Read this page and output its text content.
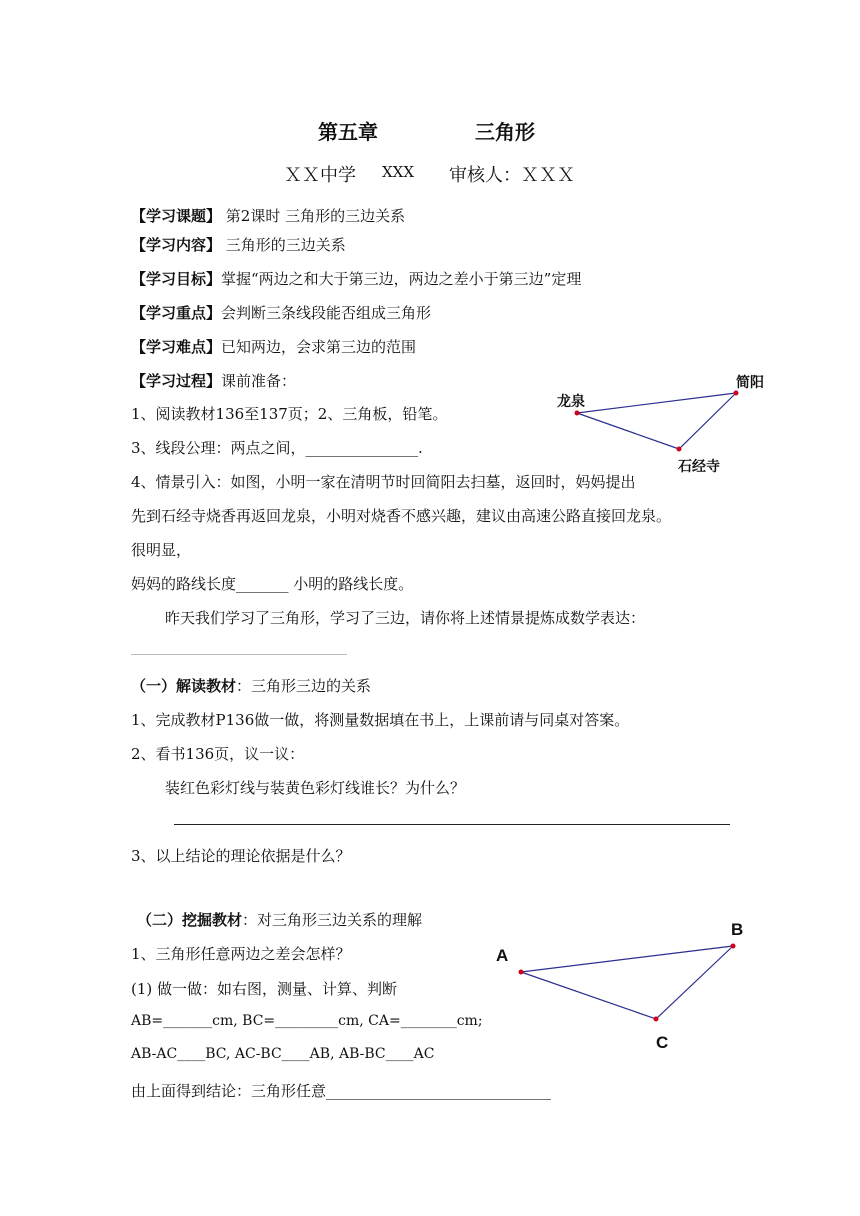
第五章	三角形
ＸＸ中学 XXX 审核人：ＸＸＸ
【学习课题】 第2课时 三角形的三边关系
【学习内容】 三角形的三边关系
【学习目标】掌握“两边之和大于第三边，两边之差小于第三边”定理
【学习重点】会判断三条线段能否组成三角形
【学习难点】已知两边，会求第三边的范围
【学习过程】课前准备：
1、阅读教材136至137页；2、三角板，铅笔。
3、线段公理：两点之间，_______________.
4、情景引入：如图，小明一家在清明节时回简阳去扫墓，返回时，妈妈提出
先到石经寺烧香再返回龙泉，小明对烧香不感兴趣，建议由高速公路直接回龙泉。
很明显，
妈妈的路线长度_______ 小明的路线长度。
昨天我们学习了三角形，学习了三边，请你将上述情景提炼成数学表达：
龙泉
简阳
石经寺
（一）解读教材：三角形三边的关系
1、完成教材P136做一做，将测量数据填在书上，上课前请与同桌对答案。
2、看书136页，议一议：
装红色彩灯线与装黄色彩灯线谁长？为什么？
3、以上结论的理论依据是什么？
（二）挖掘教材：对三角形三边关系的理解
1、三角形任意两边之差会怎样？
(1) 做一做：如右图，测量、计算、判断
AB=_______cm, BC=_________cm, CA=________cm;
AB-AC____BC, AC-BC____AB, AB-BC____AC
由上面得到结论：三角形任意______________________________
A
B
C
